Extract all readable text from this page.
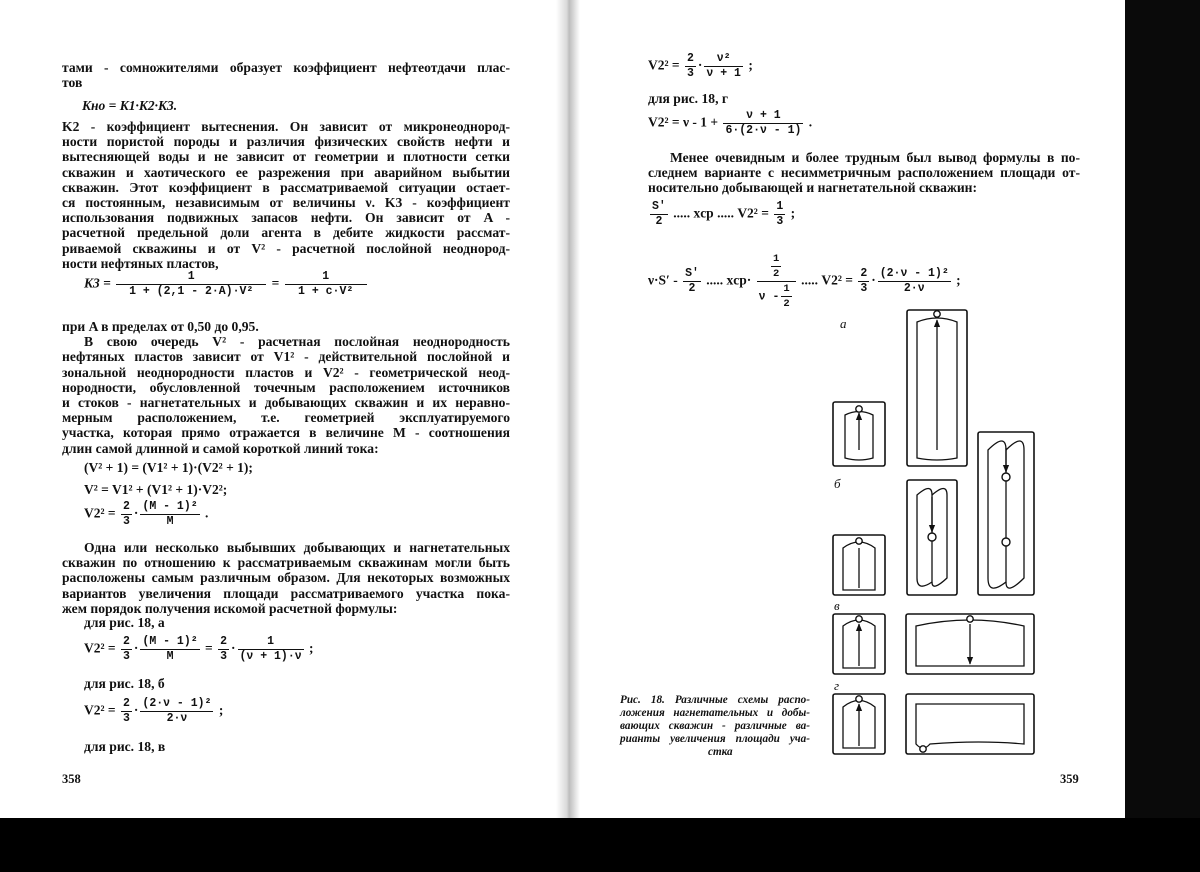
тами - сомножителями образует коэффициент нефтеотдачи плас-
тов
Kнo = K1·K2·K3.
K2 - коэффициент вытеснения. Он зависит от микронеоднород-
ности пористой породы и различия физических свойств нефти и
вытесняющей воды и не зависит от геометрии и плотности сетки
скважин и хаотического ее разрежения при аварийном выбытии
скважин. Этот коэффициент в рассматриваемой ситуации остает-
ся постоянным, независимым от величины ν. K3 - коэффициент
использования подвижных запасов нефти. Он зависит от A -
расчетной предельной доли агента в дебите жидкости рассмат-
риваемой скважины и от V² - расчетной послойной неоднород-
ности нефтяных пластов,
$K3 = \frac{1}{\text{1 + (2,1 - 2·A)·V²}} = \frac{1}{\text{1 + c·V²}}$
при A в пределах от 0,50 до 0,95.
В свою очередь V² - расчетная послойная неоднородность
нефтяных пластов зависит от V1² - действительной послойной и
зональной неоднородности пластов и V2² - геометрической неод-
нородности, обусловленной точечным расположением источников
и стоков - нагнетательных и добывающих скважин и их неравно-
мерным расположением, т.е. геометрией эксплуатируемого
участка, которая прямо отражается в величине M - соотношения
длин самой длинной и самой короткой линий тока:
(V² + 1) = (V1² + 1)·(V2² + 1);
V² = V1² + (V1² + 1)·V2²;
$V2^2 = \frac{2}{3} \cdot \frac{\text{(M - 1)²}}{M}$ .
Одна или несколько выбывших добывающих и нагнетательных
скважин по отношению к рассматриваемым скважинам могли быть
расположены самым различным образом. Для некоторых возможных
вариантов увеличения площади рассматриваемого участка пока-
жем порядок получения искомой расчетной формулы:
для рис. 18, а
$V2^2 = \frac{2}{3} \cdot \frac{\text{(M - 1)²}}{M} = \frac{2}{3} \cdot \frac{1}{(\nu + 1)\cdot\nu}$ ;
для рис. 18, б
$V2^2 = \frac{2}{3} \cdot \frac{\text{(2·ν - 1)²}}{2\cdot\nu}$ ;
для рис. 18, в
358
$V2^2 = \frac{2}{3} \cdot \frac{\text{ν²}}{\nu + 1}$ ;
для рис. 18, г
$V2^2 = \nu - 1 + \frac{\nu + 1}{6\cdot(2\cdot\nu - 1)}$ .
Менее очевидным и более трудным был вывод формулы в по-
следнем варианте с несимметричным расположением площади от-
носительно добывающей и нагнетательной скважин:
$\frac{S'}{2}$ ..... xср ..... $V2^2 = \frac{1}{3}$ ;
$\nu\cdot S' - \frac{S'}{2}$ ..... $xср\cdot \frac{\frac{1}{2}}{\nu - \frac{1}{2}}$ ..... $V2^2 = \frac{2}{3} \cdot \frac{\text{(2·ν - 1)²}}{2\cdot\nu}$ ;
а
б
в
г
Рис. 18. Различные схемы распо-
ложения нагнетательных и добы-
вающих скважин - различные ва-
рианты увеличения площади уча-
стка
359
